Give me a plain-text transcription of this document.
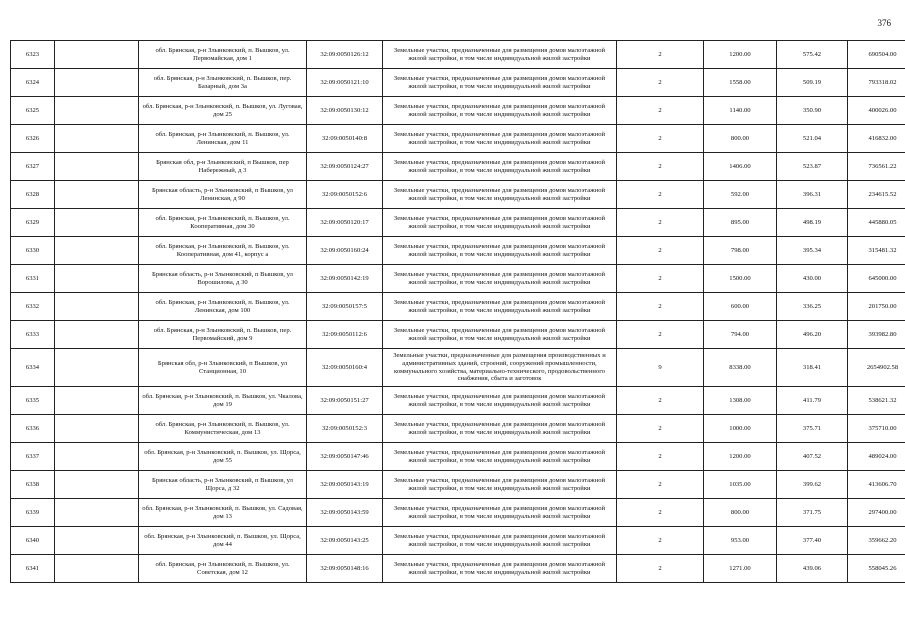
376
6323		обл. Брянская, р-н Злынковский, п. Вышков, ул. Первомайская, дом 1	32:09:0050126:12	Земельные участки, предназначенные для размещения домов малоэтажной жилой застройки, в том числе индивидуальной жилой застройки	2	1200.00	575.42	690504.00
6324		обл. Брянская, р-н Злынковский, п. Вышков, пер. Базарный, дом 3а	32:09:0050121:10	Земельные участки, предназначенные для размещения домов малоэтажной жилой застройки, в том числе индивидуальной жилой застройки	2	1558.00	509.19	793318.02
6325		обл. Брянская, р-н Злынковский, п. Вышков, ул. Луговая, дом 25	32:09:0050130:12	Земельные участки, предназначенные для размещения домов малоэтажной жилой застройки, в том числе индивидуальной жилой застройки	2	1140.00	350.90	400026.00
6326		обл. Брянская, р-н Злынковский, п. Вышков, ул. Ленинская, дом 11	32:09:0050140:8	Земельные участки, предназначенные для размещения домов малоэтажной жилой застройки, в том числе индивидуальной жилой застройки	2	800.00	521.04	416832.00
6327		Брянская обл, р-н Злынковский, п Вышков, пер Набережный, д 3	32:09:0050124:27	Земельные участки, предназначенные для размещения домов малоэтажной жилой застройки, в том числе индивидуальной жилой застройки	2	1406.00	523.87	736561.22
6328		Брянская область, р-н Злынковский, п Вышков, ул Ленинская, д 90	32:09:0050152:6	Земельные участки, предназначенные для размещения домов малоэтажной жилой застройки, в том числе индивидуальной жилой застройки	2	592.00	396.31	234615.52
6329		обл. Брянская, р-н Злынковский, п. Вышков, ул. Кооперативная, дом 30	32:09:0050120:17	Земельные участки, предназначенные для размещения домов малоэтажной жилой застройки, в том числе индивидуальной жилой застройки	2	895.00	498.19	445880.05
6330		обл. Брянская, р-н Злынковский, п. Вышков, ул. Кооперативная, дом 41, корпус а	32:09:0050160:24	Земельные участки, предназначенные для размещения домов малоэтажной жилой застройки, в том числе индивидуальной жилой застройки	2	798.00	395.34	315481.32
6331		Брянская область, р-н Злынковский, п Вышков, ул Ворошилова, д 30	32:09:0050142:19	Земельные участки, предназначенные для размещения домов малоэтажной жилой застройки, в том числе индивидуальной жилой застройки	2	1500.00	430.00	645000.00
6332		обл. Брянская, р-н Злынковский, п. Вышков, ул. Ленинская, дом 100	32:09:0050157:5	Земельные участки, предназначенные для размещения домов малоэтажной жилой застройки, в том числе индивидуальной жилой застройки	2	600.00	336.25	201750.00
6333		обл. Брянская, р-н Злынковский, п. Вышков, пер. Первомайский, дом 9	32:09:0050112:6	Земельные участки, предназначенные для размещения домов малоэтажной жилой застройки, в том числе индивидуальной жилой застройки	2	794.00	496.20	393982.80
6334		Брянская обл, р-н Злынковский, п Вышков, ул Станционная, 10	32:09:0050160:4	Земельные участки, предназначенные для размещения производственных и административных зданий, строений, сооружений промышленности, коммунального хозяйства, материально-технического, продовольственного снабжения, сбыта и заготовок	9	8338.00	318.41	2654902.58
6335		обл. Брянская, р-н Злынковский, п. Вышков, ул. Чкалова, дом 19	32:09:0050151:27	Земельные участки, предназначенные для размещения домов малоэтажной жилой застройки, в том числе индивидуальной жилой застройки	2	1308.00	411.79	538621.32
6336		обл. Брянская, р-н Злынковский, п. Вышков, ул. Коммунистическая, дом 13	32:09:0050152:3	Земельные участки, предназначенные для размещения домов малоэтажной жилой застройки, в том числе индивидуальной жилой застройки	2	1000.00	375.71	375710.00
6337		обл. Брянская, р-н Злынковский, п. Вышков, ул. Щорса, дом 55	32:09:0050147:46	Земельные участки, предназначенные для размещения домов малоэтажной жилой застройки, в том числе индивидуальной жилой застройки	2	1200.00	407.52	489024.00
6338		Брянская область, р-н Злынковский, п Вышков, ул Щорса, д 32	32:09:0050143:19	Земельные участки, предназначенные для размещения домов малоэтажной жилой застройки, в том числе индивидуальной жилой застройки	2	1035.00	399.62	413606.70
6339		обл. Брянская, р-н Злынковский, п. Вышков, ул. Садовая, дом 13	32:09:0050143:59	Земельные участки, предназначенные для размещения домов малоэтажной жилой застройки, в том числе индивидуальной жилой застройки	2	800.00	371.75	297400.00
6340		обл. Брянская, р-н Злынковский, п. Вышков, ул. Щорса, дом 44	32:09:0050143:25	Земельные участки, предназначенные для размещения домов малоэтажной жилой застройки, в том числе индивидуальной жилой застройки	2	953.00	377.40	359662.20
6341		обл. Брянская, р-н Злынковский, п. Вышков, ул. Советская, дом 12	32:09:0050148:16	Земельные участки, предназначенные для размещения домов малоэтажной жилой застройки, в том числе индивидуальной жилой застройки	2	1271.00	439.06	558045.26
